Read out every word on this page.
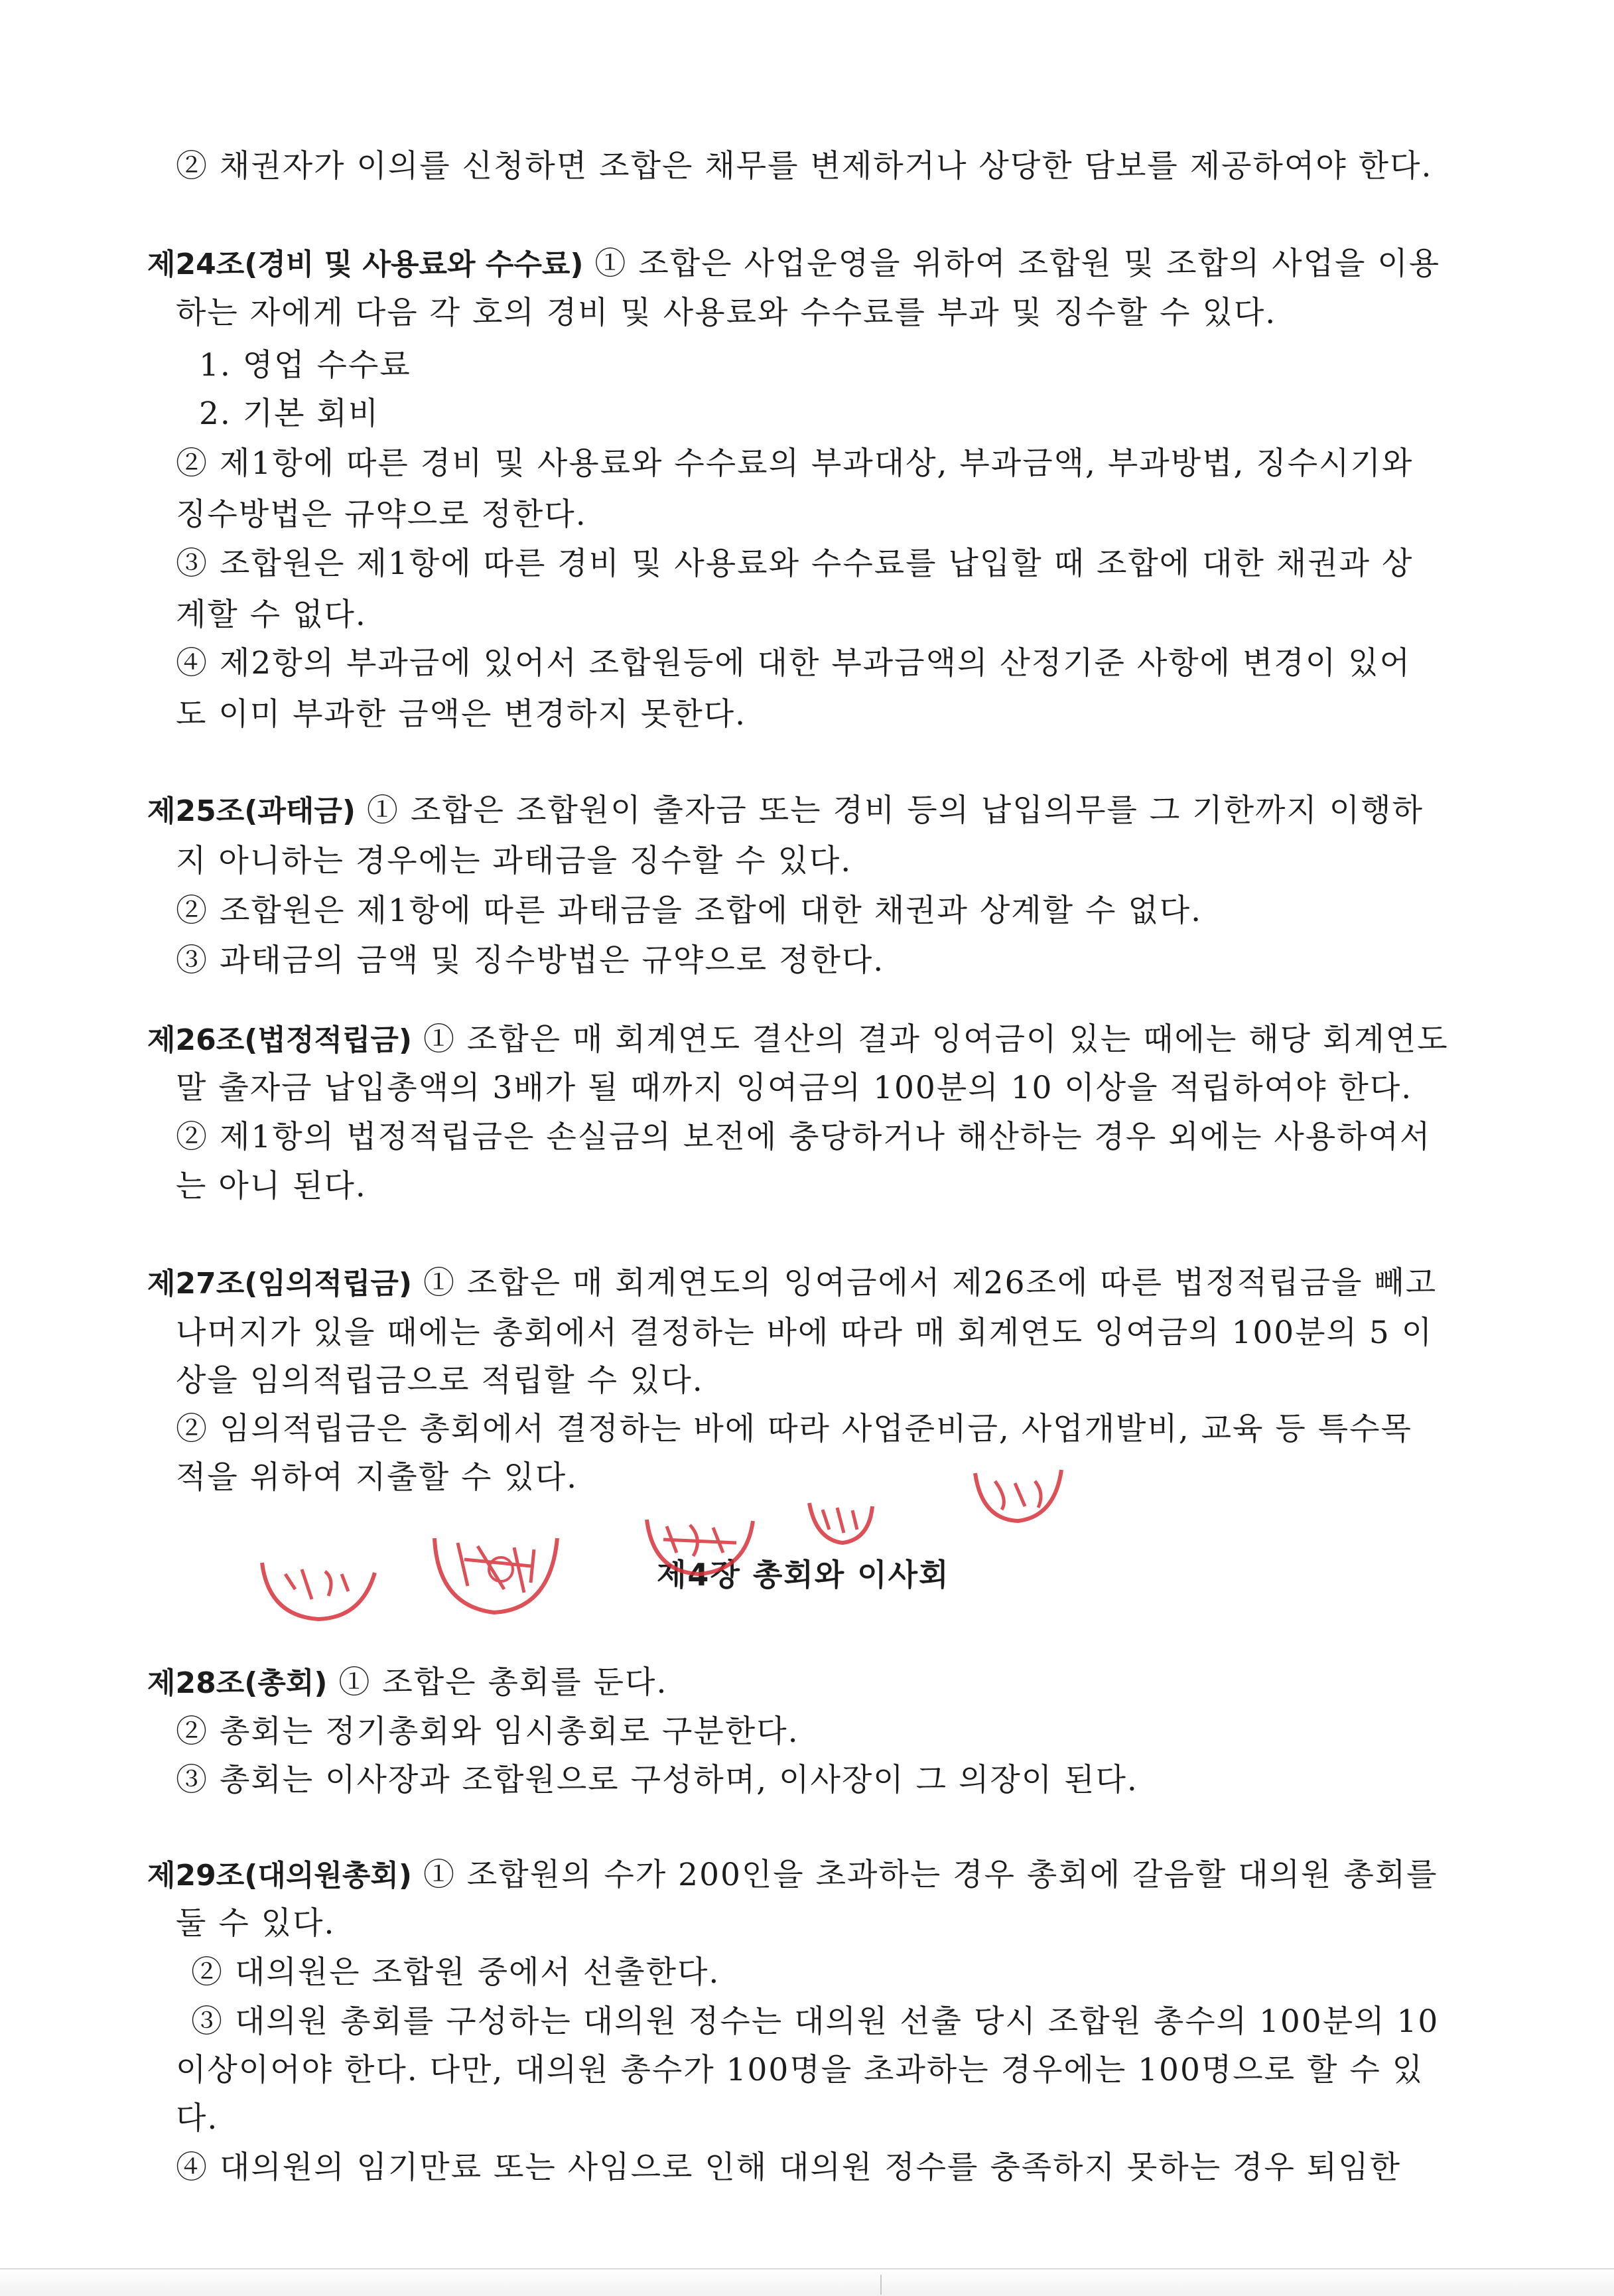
② 채권자가 이의를 신청하면 조합은 채무를 변제하거나 상당한 담보를 제공하여야 한다.
제24조(경비 및 사용료와 수수료) ① 조합은 사업운영을 위하여 조합원 및 조합의 사업을 이용
하는 자에게 다음 각 호의 경비 및 사용료와 수수료를 부과 및 징수할 수 있다.
1. 영업 수수료
2. 기본 회비
② 제1항에 따른 경비 및 사용료와 수수료의 부과대상, 부과금액, 부과방법, 징수시기와
징수방법은 규약으로 정한다.
③ 조합원은 제1항에 따른 경비 및 사용료와 수수료를 납입할 때 조합에 대한 채권과 상
계할 수 없다.
④ 제2항의 부과금에 있어서 조합원등에 대한 부과금액의 산정기준 사항에 변경이 있어
도 이미 부과한 금액은 변경하지 못한다.
제25조(과태금) ① 조합은 조합원이 출자금 또는 경비 등의 납입의무를 그 기한까지 이행하
지 아니하는 경우에는 과태금을 징수할 수 있다.
② 조합원은 제1항에 따른 과태금을 조합에 대한 채권과 상계할 수 없다.
③ 과태금의 금액 및 징수방법은 규약으로 정한다.
제26조(법정적립금) ① 조합은 매 회계연도 결산의 결과 잉여금이 있는 때에는 해당 회계연도
말 출자금 납입총액의 3배가 될 때까지 잉여금의 100분의 10 이상을 적립하여야 한다.
② 제1항의 법정적립금은 손실금의 보전에 충당하거나 해산하는 경우 외에는 사용하여서
는 아니 된다.
제27조(임의적립금) ① 조합은 매 회계연도의 잉여금에서 제26조에 따른 법정적립금을 빼고
나머지가 있을 때에는 총회에서 결정하는 바에 따라 매 회계연도 잉여금의 100분의 5 이
상을 임의적립금으로 적립할 수 있다.
② 임의적립금은 총회에서 결정하는 바에 따라 사업준비금, 사업개발비, 교육 등 특수목
적을 위하여 지출할 수 있다.
제4장 총회와 이사회
제28조(총회) ① 조합은 총회를 둔다.
② 총회는 정기총회와 임시총회로 구분한다.
③ 총회는 이사장과 조합원으로 구성하며, 이사장이 그 의장이 된다.
제29조(대의원총회) ① 조합원의 수가 200인을 초과하는 경우 총회에 갈음할 대의원 총회를
둘 수 있다.
② 대의원은 조합원 중에서 선출한다.
③ 대의원 총회를 구성하는 대의원 정수는 대의원 선출 당시 조합원 총수의 100분의 10
이상이어야 한다. 다만, 대의원 총수가 100명을 초과하는 경우에는 100명으로 할 수 있
다.
④ 대의원의 임기만료 또는 사임으로 인해 대의원 정수를 충족하지 못하는 경우 퇴임한
